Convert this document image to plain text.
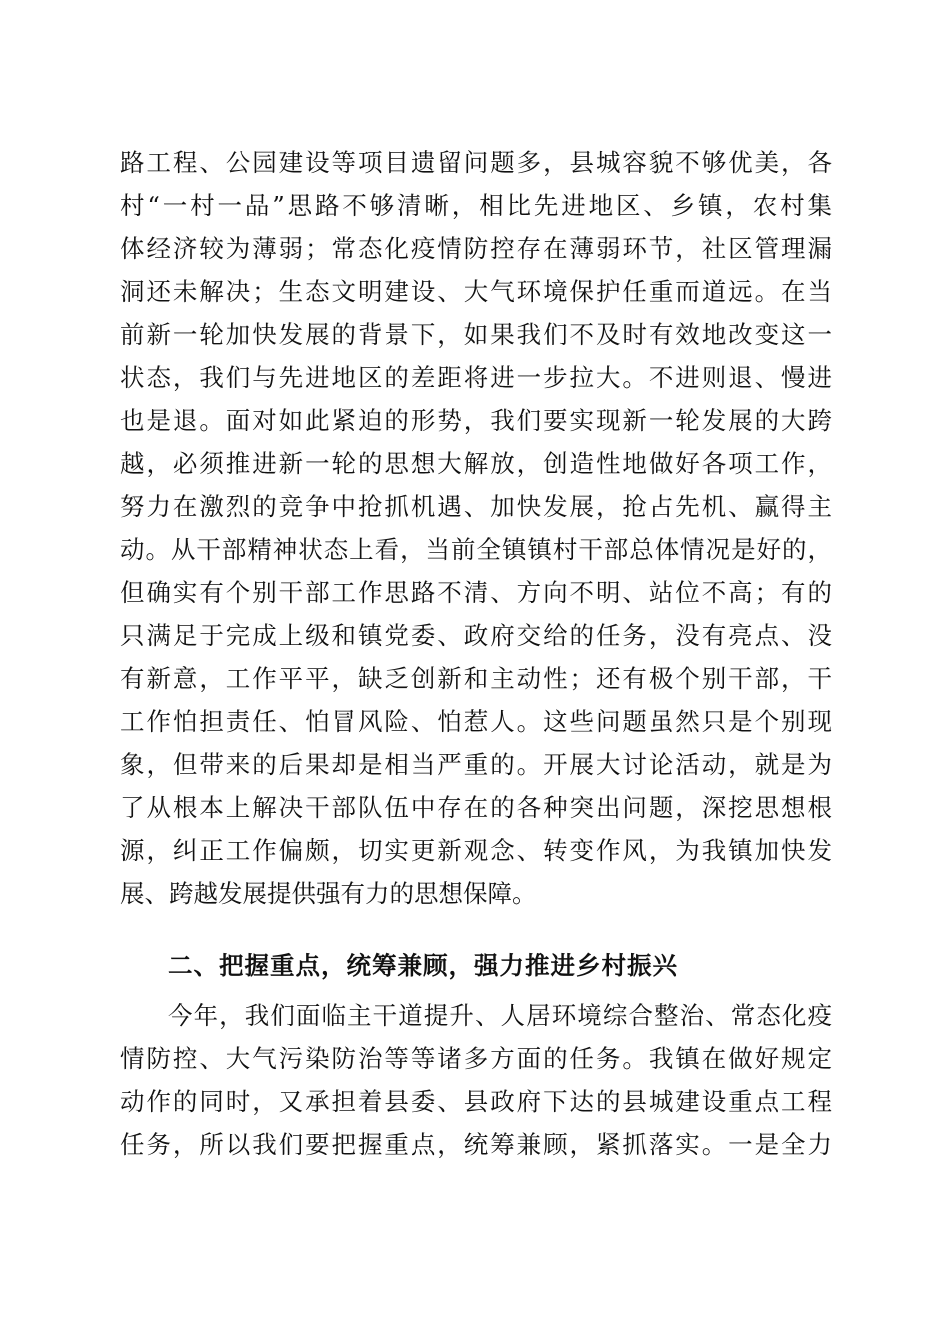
路工程、公园建设等项目遗留问题多，县城容貌不够优美，各
村“一村一品”思路不够清晰，相比先进地区、乡镇，农村集
体经济较为薄弱；常态化疫情防控存在薄弱环节，社区管理漏
洞还未解决；生态文明建设、大气环境保护任重而道远。在当
前新一轮加快发展的背景下，如果我们不及时有效地改变这一
状态，我们与先进地区的差距将进一步拉大。不进则退、慢进
也是退。面对如此紧迫的形势，我们要实现新一轮发展的大跨
越，必须推进新一轮的思想大解放，创造性地做好各项工作，
努力在激烈的竞争中抢抓机遇、加快发展，抢占先机、赢得主
动。从干部精神状态上看，当前全镇镇村干部总体情况是好的，
但确实有个别干部工作思路不清、方向不明、站位不高；有的
只满足于完成上级和镇党委、政府交给的任务，没有亮点、没
有新意，工作平平，缺乏创新和主动性；还有极个别干部，干
工作怕担责任、怕冒风险、怕惹人。这些问题虽然只是个别现
象，但带来的后果却是相当严重的。开展大讨论活动，就是为
了从根本上解决干部队伍中存在的各种突出问题，深挖思想根
源，纠正工作偏颇，切实更新观念、转变作风，为我镇加快发
展、跨越发展提供强有力的思想保障。
二、把握重点，统筹兼顾，强力推进乡村振兴
今年，我们面临主干道提升、人居环境综合整治、常态化疫
情防控、大气污染防治等等诸多方面的任务。我镇在做好规定
动作的同时，又承担着县委、县政府下达的县城建设重点工程
任务，所以我们要把握重点，统筹兼顾，紧抓落实。一是全力
